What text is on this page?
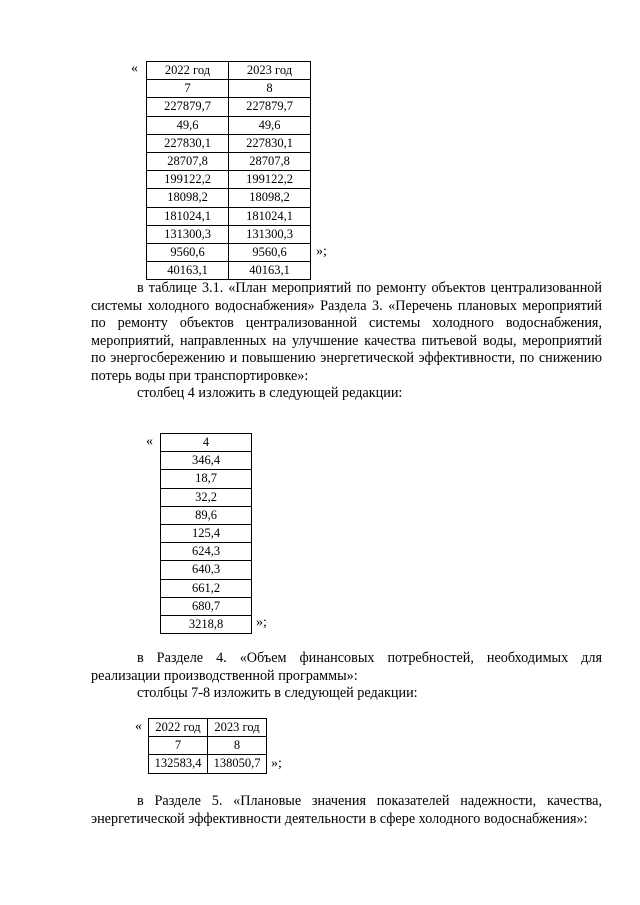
« 2022 год	2023 год
7	8
227879,7	227879,7
49,6	49,6
227830,1	227830,1
28707,8	28707,8
199122,2	199122,2
18098,2	18098,2
181024,1	181024,1
131300,3	131300,3
9560,6	9560,6
40163,1	40163,1
»;

в таблице 3.1. «План мероприятий по ремонту объектов централизованной системы холодного водоснабжения» Раздела 3. «Перечень плановых мероприятий по ремонту объектов централизованной системы холодного водоснабжения, мероприятий, направленных на улучшение качества питьевой воды, мероприятий по энергосбережению и повышению энергетической эффективности, по снижению потерь воды при транспортировке»:

столбец 4 изложить в следующей редакции:

«	4
346,4
18,7
32,2
89,6
125,4
624,3
640,3
661,2
680,7
3218,8 »;

в Разделе 4. «Объем финансовых потребностей, необходимых для реализации производственной программы»:

столбцы 7-8 изложить в следующей редакции:

« 2022 год	2023 год
7	8
132583,4	138050,7 »;

в Разделе 5. «Плановые значения показателей надежности, качества, энергетической эффективности деятельности в сфере холодного водоснабжения»:
